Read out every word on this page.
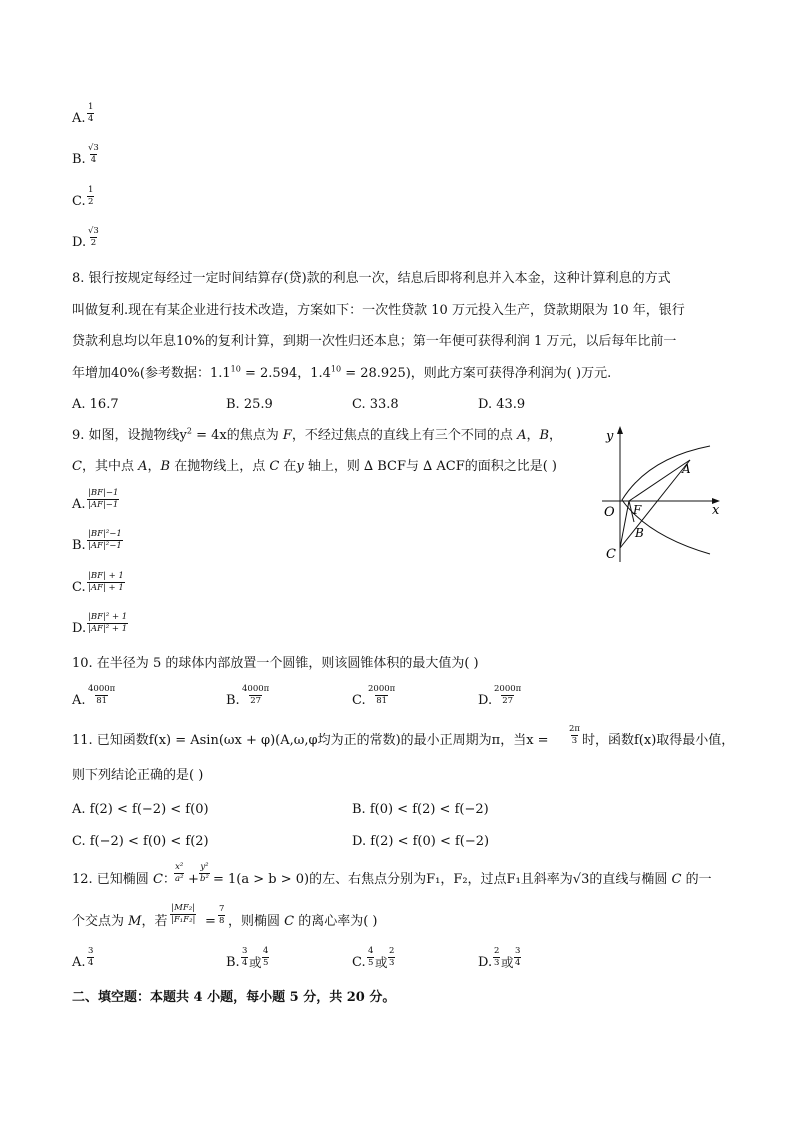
A. $\frac{1}{4}$
B. $\frac{√3}{4}$
C. $\frac{1}{2}$
D. $\frac{√3}{2}$
8. 银行按规定每经过一定时间结算存(贷)款的利息一次，结息后即将利息并入本金，这种计算利息的方式
叫做复利.现在有某企业进行技术改造，方案如下：一次性贷款 10 万元投入生产，贷款期限为 10 年，银行
贷款利息均以年息10%的复利计算，到期一次性归还本息；第一年便可获得利润 1 万元，以后每年比前一
年增加40%(参考数据：$1.1^{10} = 2.594$，$1.4^{10} = 28.925$)，则此方案可获得净利润为( )万元.
A. 16.7	B. 25.9	C. 33.8	D. 43.9
9. 如图，设抛物线$y^2 = 4x$的焦点为 F，不经过焦点的直线上有三个不同的点 A，B，
C，其中点 A，B 在抛物线上，点 C 在y 轴上，则 ∆ BCF与 ∆ ACF的面积之比是( )
A. $\frac{|BF|-1}{|AF|-1}$
B. $\frac{\text{|BF|²−1}}{\text{|AF|²−1}}$
C. $\frac{|BF| + 1}{|AF| + 1}$
D. $\frac{\text{|BF|² + 1}}{\text{|AF|² + 1}}$
y
x
O F
A
B
C
10. 在半径为 5 的球体内部放置一个圆锥，则该圆锥体积的最大值为( )
A. $\frac{4000\pi}{81}$	B. $\frac{4000\pi}{27}$	C. $\frac{2000\pi}{81}$	D. $\frac{2000\pi}{27}$
11. 已知函数f(x) = Asin(ωx + φ)(A,ω,φ均为正的常数)的最小正周期为π，当$x = \frac{2\pi}{3}$ 时，函数f(x)取得最小值，
则下列结论正确的是( )
A. f(2) < f(−2) < f(0)	B. f(0) < f(2) < f(−2)
C. f(−2) < f(0) < f(2)	D. f(2) < f(0) < f(−2)
12. 已知椭圆 C：
$\frac{\text{x²}}{\text{a²}} + \frac{\text{y²}}{\text{b²}} = 1(a > b > 0)$的左、右焦点分别为F₁，F₂，过点F₁且斜率为√3的直线与椭圆 C 的一
个交点为 M，若 $\frac{\text{|MF₂|}}{\text{|F₁F₂|}} = \frac{7}{8}$ ，则椭圆 C 的离心率为( )
A. $\frac{3}{4}$	B. $\frac{3}{4}$ 或 $\frac{4}{5}$	C. $\frac{4}{5}$ 或 $\frac{2}{3}$	D. $\frac{2}{3}$ 或 $\frac{3}{4}$
二、填空题：本题共 4 小题，每小题 5 分，共 20 分。
